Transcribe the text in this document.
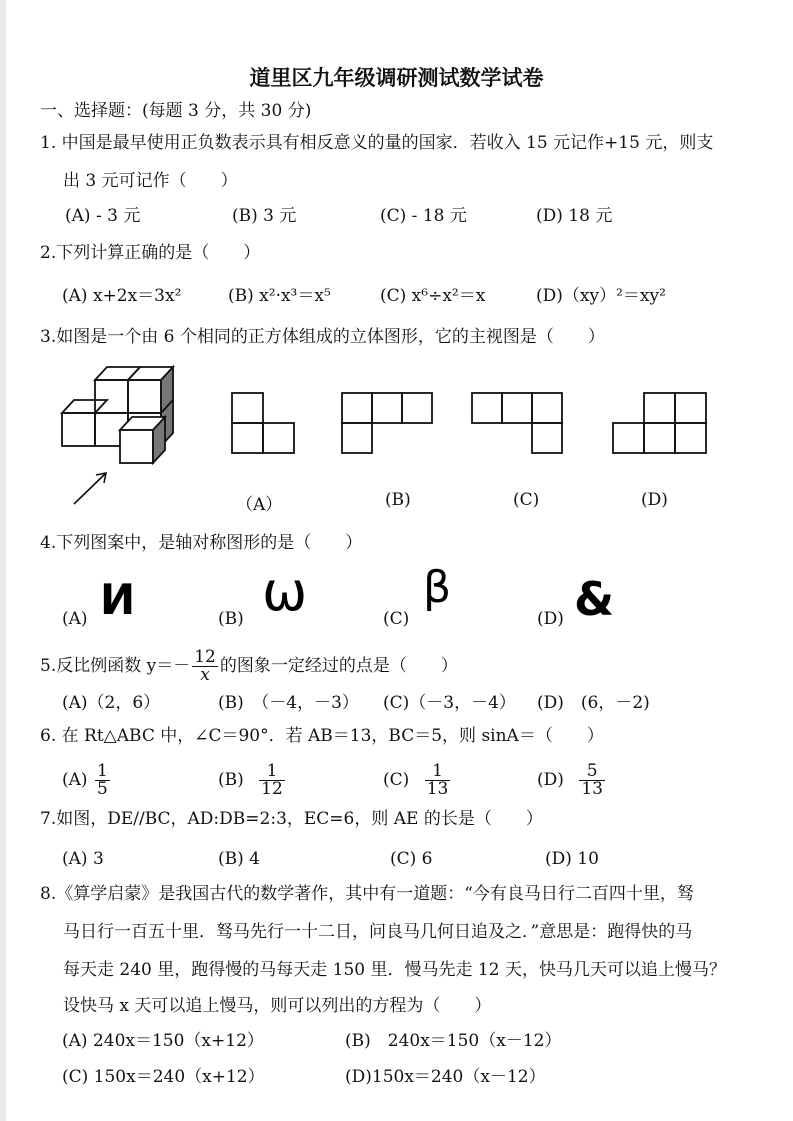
道里区九年级调研测试数学试卷
一、选择题：(每题 3 分，共 30 分)
1. 中国是最早使用正负数表示具有相反意义的量的国家．若收入 15 元记作+15 元，则支
出 3 元可记作（　　）
(A) - 3 元	(B) 3 元	(C) - 18 元	(D) 18 元
2.下列计算正确的是（　　）
(A) x+2x＝3x²	(B) x²·x³＝x⁵	(C) x⁶÷x²＝x	(D)（xy）²＝xy²
3.如图是一个由 6 个相同的正方体组成的立体图形，它的主视图是（　　）
（A）	(B)	(C)	(D)
4.下列图案中，是轴对称图形的是（　　）
(A) И	(B) ω	(C)
β
(D) &
5.反比例函数 $y=- \frac{12}{x}$ 的图象一定经过的点是（　　）
(A)（2，6）	(B)　（－4，－3） (C)（－3，－4） (D)　(6，－2)
6. 在 Rt△ABC 中，∠C＝90°．若 AB＝13，BC＝5，则 sinA＝（　　）
$(A) \frac{1}{5}$	$(B) \frac{1}{12}$	$(C) \frac{1}{13}$	$(D) \frac{5}{13}$
7.如图，DE//BC，AD:DB=2:3，EC=6，则 AE 的长是（　　）
(A) 3	(B) 4	(C) 6	(D) 10
8.《算学启蒙》是我国古代的数学著作，其中有一道题：“今有良马日行二百四十里，驽
马日行一百五十里．驽马先行一十二日，问良马几何日追及之．”意思是：跑得快的马
每天走 240 里，跑得慢的马每天走 150 里．慢马先走 12 天，快马几天可以追上慢马？
设快马 x 天可以追上慢马，则可以列出的方程为（　　）
(A) 240x＝150（x+12）	(B)　240x＝150（x－12）
(C) 150x＝240（x+12）	(D)150x＝240（x－12）
